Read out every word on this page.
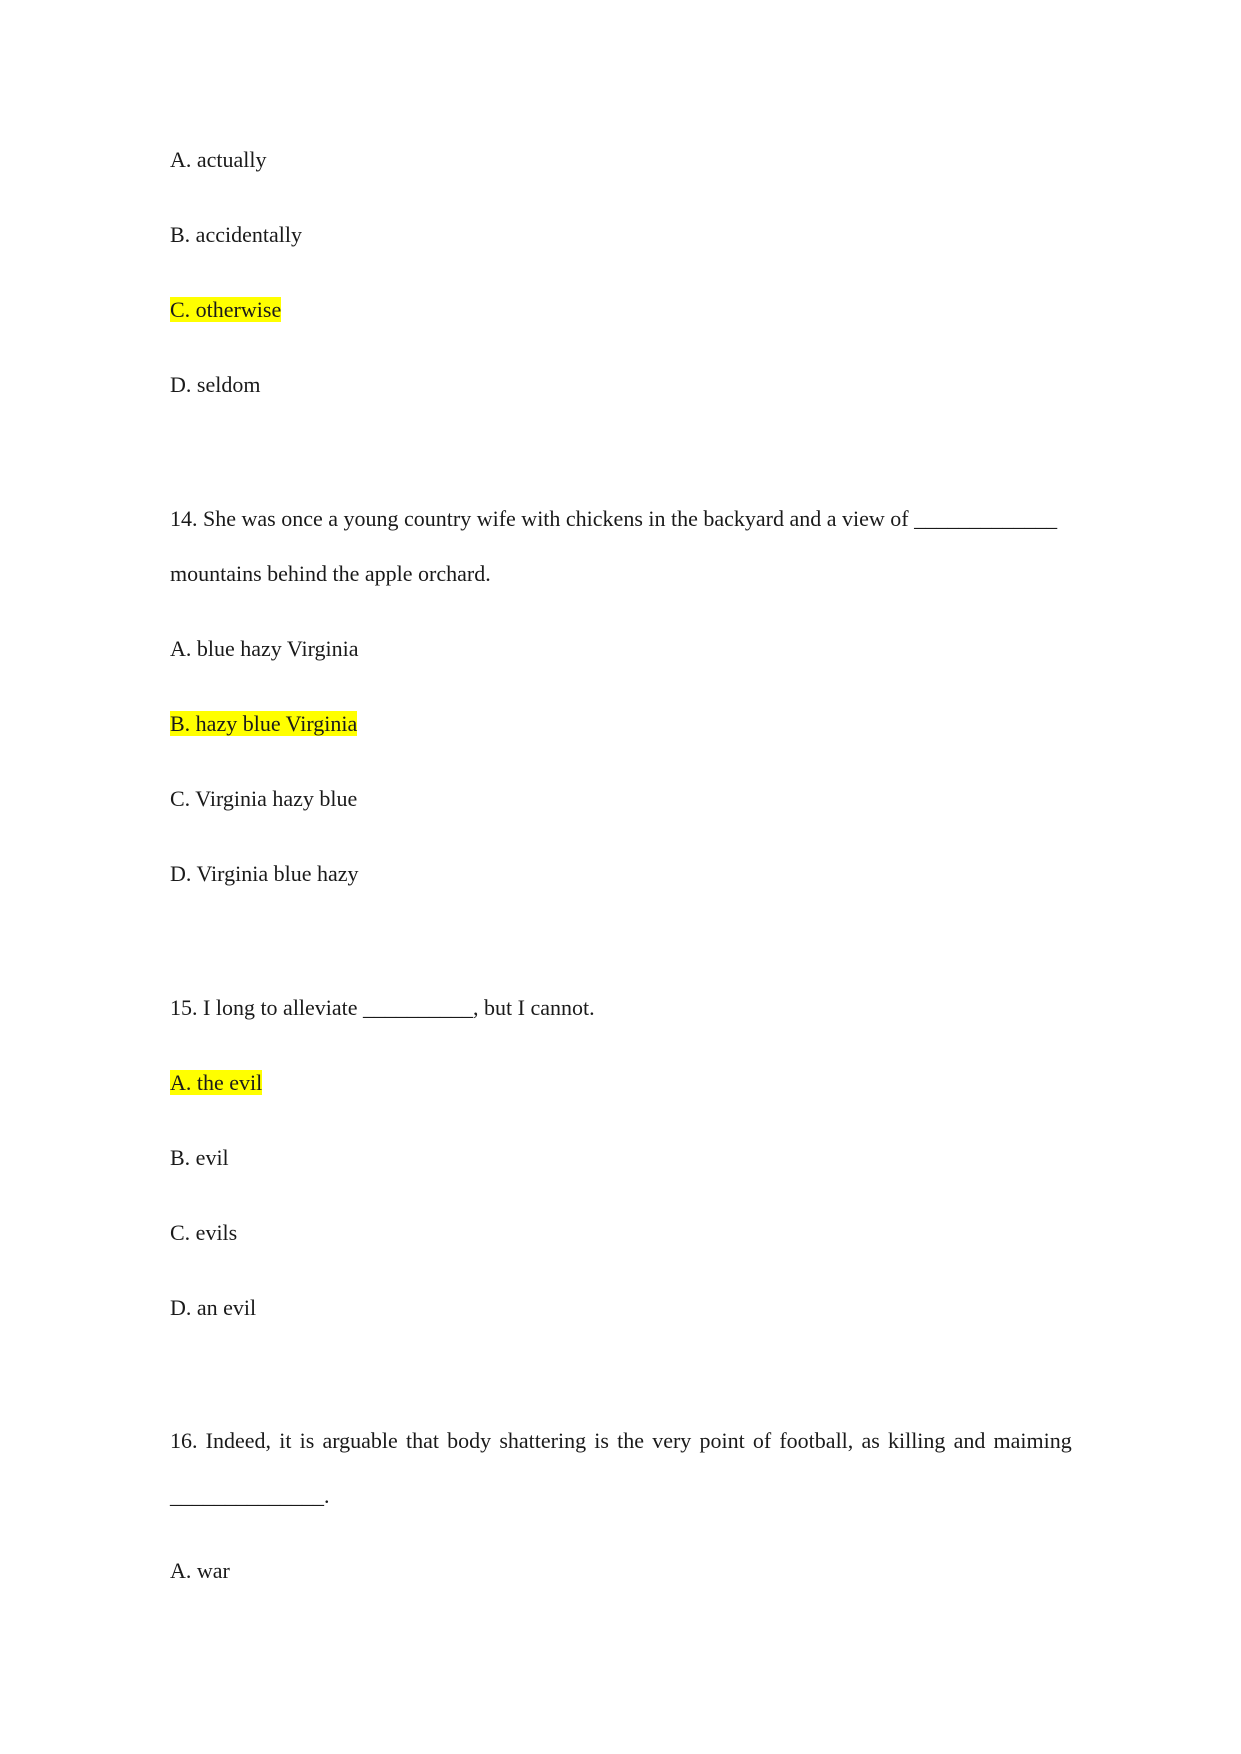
A. actually
B. accidentally
C. otherwise
D. seldom
14. She was once a young country wife with chickens in the backyard and a view of _____________
mountains behind the apple orchard.
A. blue hazy Virginia
B. hazy blue Virginia
C. Virginia hazy blue
D. Virginia blue hazy
15. I long to alleviate __________, but I cannot.
A. the evil
B. evil
C. evils
D. an evil
16. Indeed, it is arguable that body shattering is the very point of football, as killing and maiming
______________.
A. war
